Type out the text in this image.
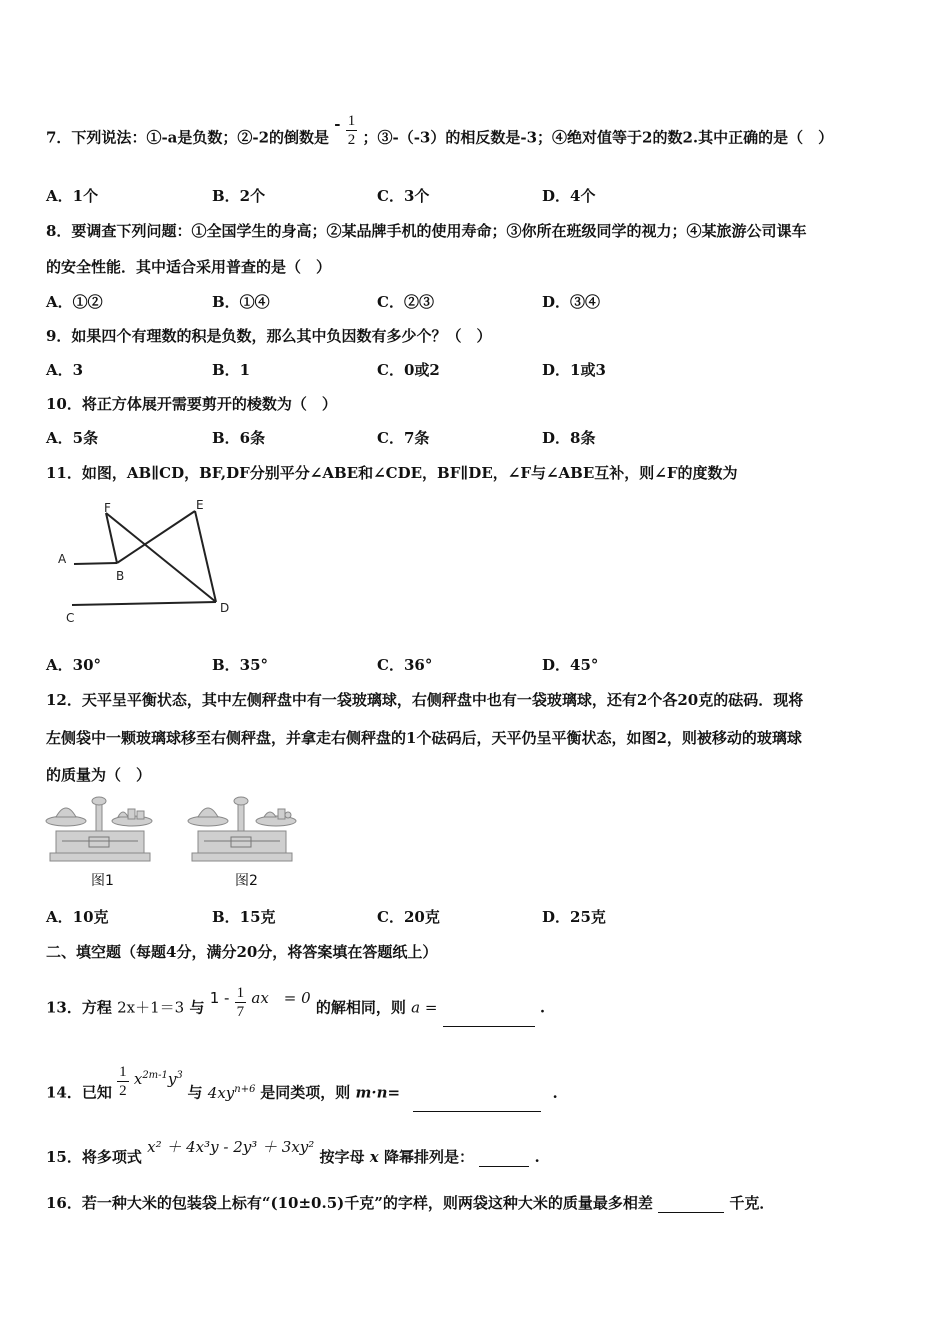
7．下列说法：①-a是负数；②-2的倒数是 - $\frac{1}{2}$ ；③-（-3）的相反数是-3；④绝对值等于2的数2.其中正确的是（　）
A．1个	B．2个	C．3个	D．4个
8．要调查下列问题：①全国学生的身高；②某品牌手机的使用寿命；③你所在班级同学的视力；④某旅游公司课车
的安全性能．其中适合采用普查的是（　）
A．①②	B．①④	C．②③	D．③④
9．如果四个有理数的积是负数，那么其中负因数有多少个？（　）
A．3	B．1	C．0或2	D．1或3
10．将正方体展开需要剪开的棱数为（　）
A．5条	B．6条	C．7条	D．8条
11．如图，AB∥CD，BF,DF分别平分∠ABE和∠CDE，BF∥DE，∠F与∠ABE互补，则∠F的度数为
F	E
A
B
C
D
A．30°	B．35°	C．36°	D．45°
12．天平呈平衡状态，其中左侧秤盘中有一袋玻璃球，右侧秤盘中也有一袋玻璃球，还有2个各20克的砝码．现将
左侧袋中一颗玻璃球移至右侧秤盘，并拿走右侧秤盘的1个砝码后，天平仍呈平衡状态，如图2，则被移动的玻璃球
的质量为（　）
图1	图2
A．10克	B．15克	C．20克	D．25克
二、填空题（每题4分，满分20分，将答案填在答题纸上）
13．方程 2x＋1＝3 与 $1 - \frac{1}{7}$ ax　= 0 的解相同，则 a =	.
14．已知 $\frac{1}{2} x^{2m-1}y^3$ 与 $4xy^{n+6}$ 是同类项，则 m·n=	.
15．将多项式 x² ＋ 4x³y - 2y³ ＋ 3xy² 按字母 x 降幂排列是：	.
16．若一种大米的包装袋上标有“(10±0.5)千克”的字样，则两袋这种大米的质量最多相差	千克．
